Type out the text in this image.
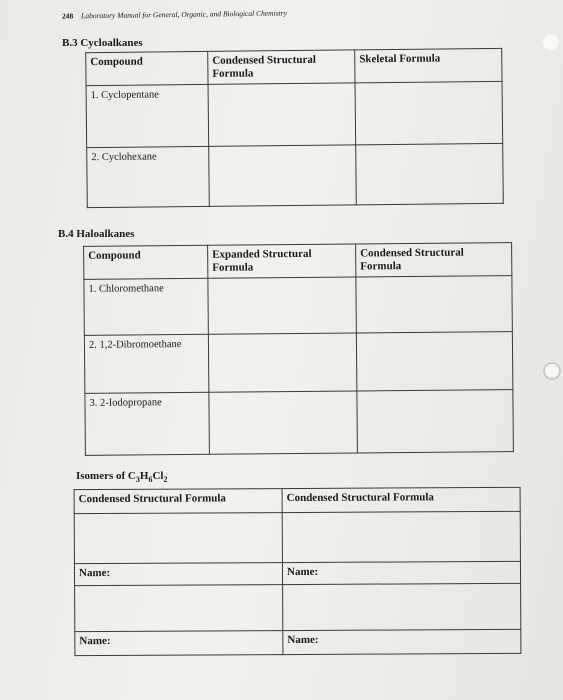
248 Laboratory Manual for General, Organic, and Biological Chemistry
B.3 Cycloalkanes
Compound	Condensed Structural Formula	Skeletal Formula
1. Cyclopentane		
2. Cyclohexane		
B.4 Haloalkanes
Compound	Expanded Structural Formula	Condensed Structural Formula
1. Chloromethane		
2. 1,2-Dibromoethane		
3. 2-Iodopropane		
Isomers of $C_3H_6Cl_2$
Condensed Structural Formula	Condensed Structural Formula

Name:	Name:

Name:	Name:
